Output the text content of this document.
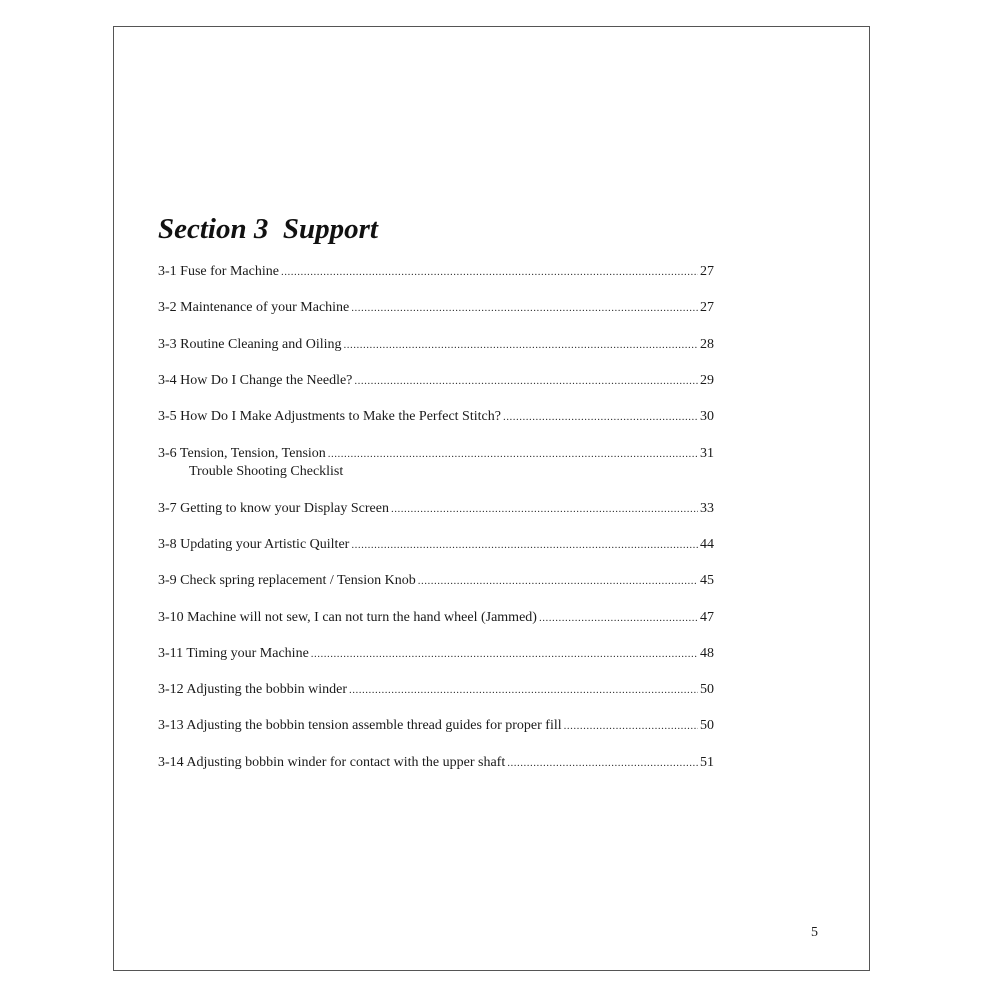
Section 3  Support
3-1 Fuse for Machine .....	27
3-2 Maintenance of your Machine .....	27
3-3 Routine Cleaning and Oiling .....	28
3-4 How Do I Change the Needle? .....	29
3-5 How Do I Make Adjustments to Make the Perfect Stitch? .....	30
3-6 Tension, Tension, Tension .....	31
Trouble Shooting Checklist
3-7 Getting to know your Display Screen .....	33
3-8 Updating your Artistic Quilter .....	44
3-9 Check spring replacement / Tension Knob .....	45
3-10 Machine will not sew, I can not turn the hand wheel (Jammed) .....	47
3-11 Timing your Machine .....	48
3-12 Adjusting the bobbin winder .....	50
3-13 Adjusting the bobbin tension assemble thread guides for proper fill .....	50
3-14 Adjusting bobbin winder for contact with the upper shaft .....	51
5
